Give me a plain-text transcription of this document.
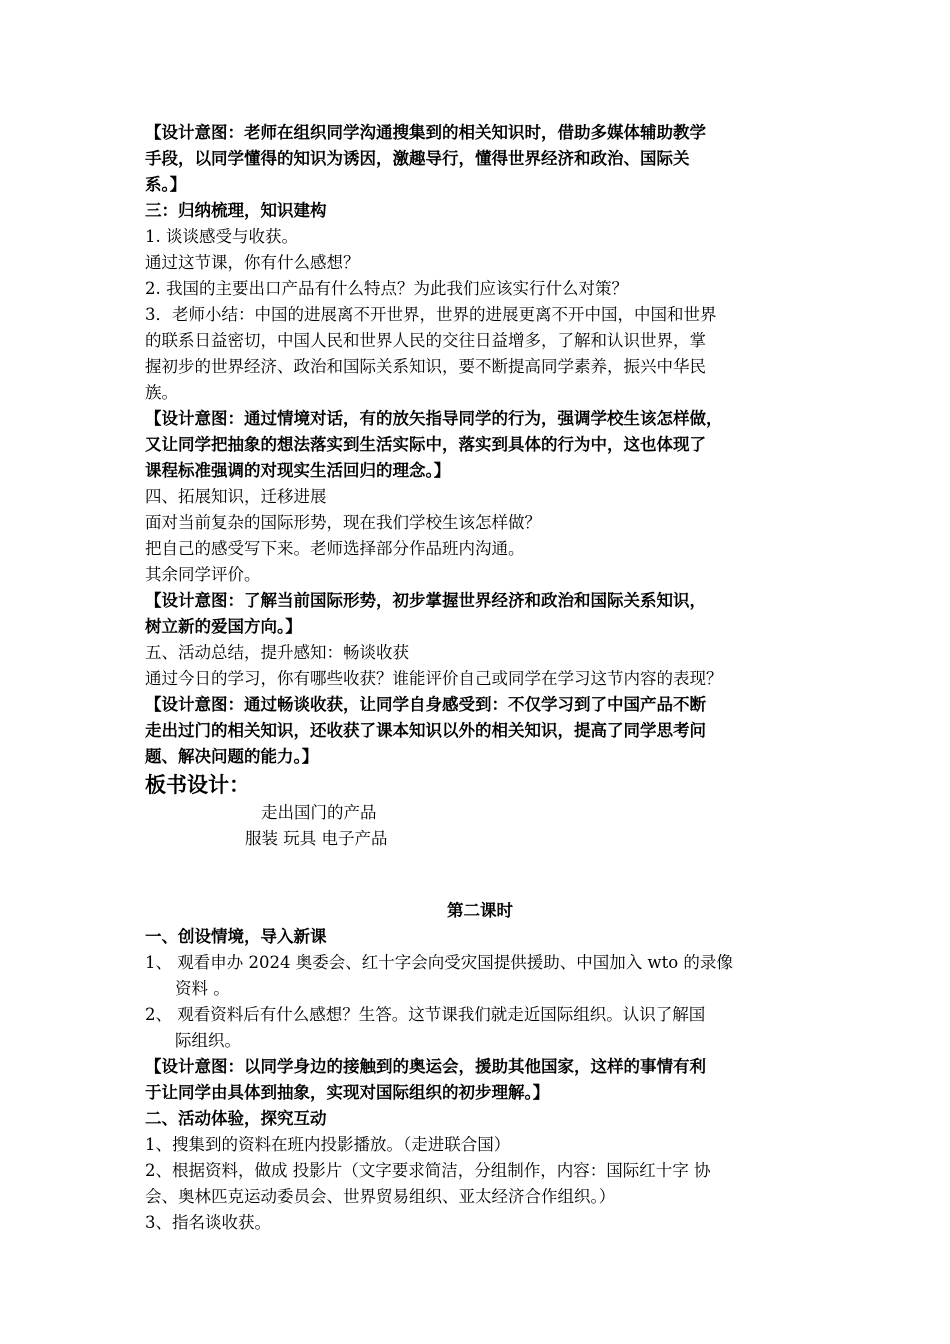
【设计意图：老师在组织同学沟通搜集到的相关知识时，借助多媒体辅助教学
手段，以同学懂得的知识为诱因，激趣导行，懂得世界经济和政治、国际关
系。】
三：归纳梳理，知识建构
1. 谈谈感受与收获。
通过这节课，你有什么感想？
2. 我国的主要出口产品有什么特点？为此我们应该实行什么对策？
3．老师小结：中国的进展离不开世界，世界的进展更离不开中国，中国和世界
的联系日益密切，中国人民和世界人民的交往日益增多，了解和认识世界，掌
握初步的世界经济、政治和国际关系知识，要不断提高同学素养，振兴中华民
族。
【设计意图：通过情境对话，有的放矢指导同学的行为，强调学校生该怎样做，
又让同学把抽象的想法落实到生活实际中，落实到具体的行为中，这也体现了
课程标准强调的对现实生活回归的理念。】
四、拓展知识，迁移进展
面对当前复杂的国际形势，现在我们学校生该怎样做？
把自己的感受写下来。老师选择部分作品班内沟通。
其余同学评价。
【设计意图：了解当前国际形势，初步掌握世界经济和政治和国际关系知识，
树立新的爱国方向。】
五、活动总结，提升感知：畅谈收获
通过今日的学习，你有哪些收获？谁能评价自己或同学在学习这节内容的表现？
【设计意图：通过畅谈收获，让同学自身感受到：不仅学习到了中国产品不断
走出过门的相关知识，还收获了课本知识以外的相关知识，提高了同学思考问
题、解决问题的能力。】
板书设计：
走出国门的产品
服装 玩具 电子产品
第二课时
一、创设情境，导入新课
1、 观看申办 2024 奥委会、红十字会向受灾国提供援助、中国加入 wto 的录像
资料 。
2、 观看资料后有什么感想？生答。这节课我们就走近国际组织。认识了解国
际组织。
【设计意图：以同学身边的接触到的奥运会，援助其他国家，这样的事情有利
于让同学由具体到抽象，实现对国际组织的初步理解。】
二、活动体验，探究互动
1、搜集到的资料在班内投影播放。（走进联合国）
2、根据资料，做成 投影片（文字要求简洁，分组制作，内容：国际红十字 协
会、奥林匹克运动委员会、世界贸易组织、亚太经济合作组织。）
3、指名谈收获。
